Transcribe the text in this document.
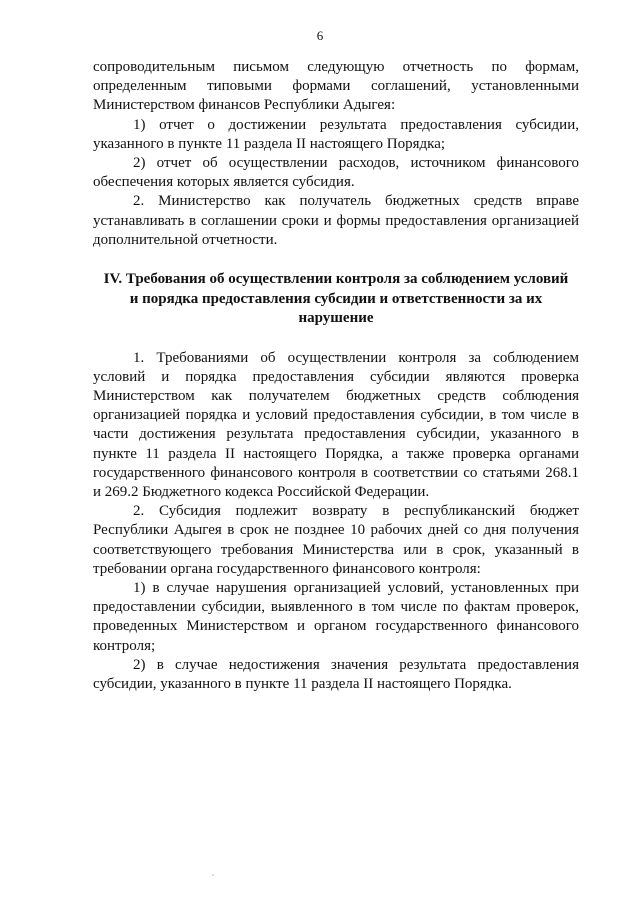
6

сопроводительным письмом следующую отчетность по формам, определенным типовыми формами соглашений, установленными Министерством финансов Республики Адыгея:

1) отчет о достижении результата предоставления субсидии, указанного в пункте 11 раздела II настоящего Порядка;

2) отчет об осуществлении расходов, источником финансового обеспечения которых является субсидия.

2. Министерство как получатель бюджетных средств вправе устанавливать в соглашении сроки и формы предоставления организацией дополнительной отчетности.

IV. Требования об осуществлении контроля за соблюдением условий
и порядка предоставления субсидии и ответственности за их нарушение

1. Требованиями об осуществлении контроля за соблюдением условий и порядка предоставления субсидии являются проверка Министерством как получателем бюджетных средств соблюдения организацией порядка и условий предоставления субсидии, в том числе в части достижения результата предоставления субсидии, указанного в пункте 11 раздела II настоящего Порядка, а также проверка органами государственного финансового контроля в соответствии со статьями 268.1 и 269.2 Бюджетного кодекса Российской Федерации.

2. Субсидия подлежит возврату в республиканский бюджет Республики Адыгея в срок не позднее 10 рабочих дней со дня получения соответствующего требования Министерства или в срок, указанный в требовании органа государственного финансового контроля:

1) в случае нарушения организацией условий, установленных при предоставлении субсидии, выявленного в том числе по фактам проверок, проведенных Министерством и органом государственного финансового контроля;

2) в случае недостижения значения результата предоставления субсидии, указанного в пункте 11 раздела II настоящего Порядка.
